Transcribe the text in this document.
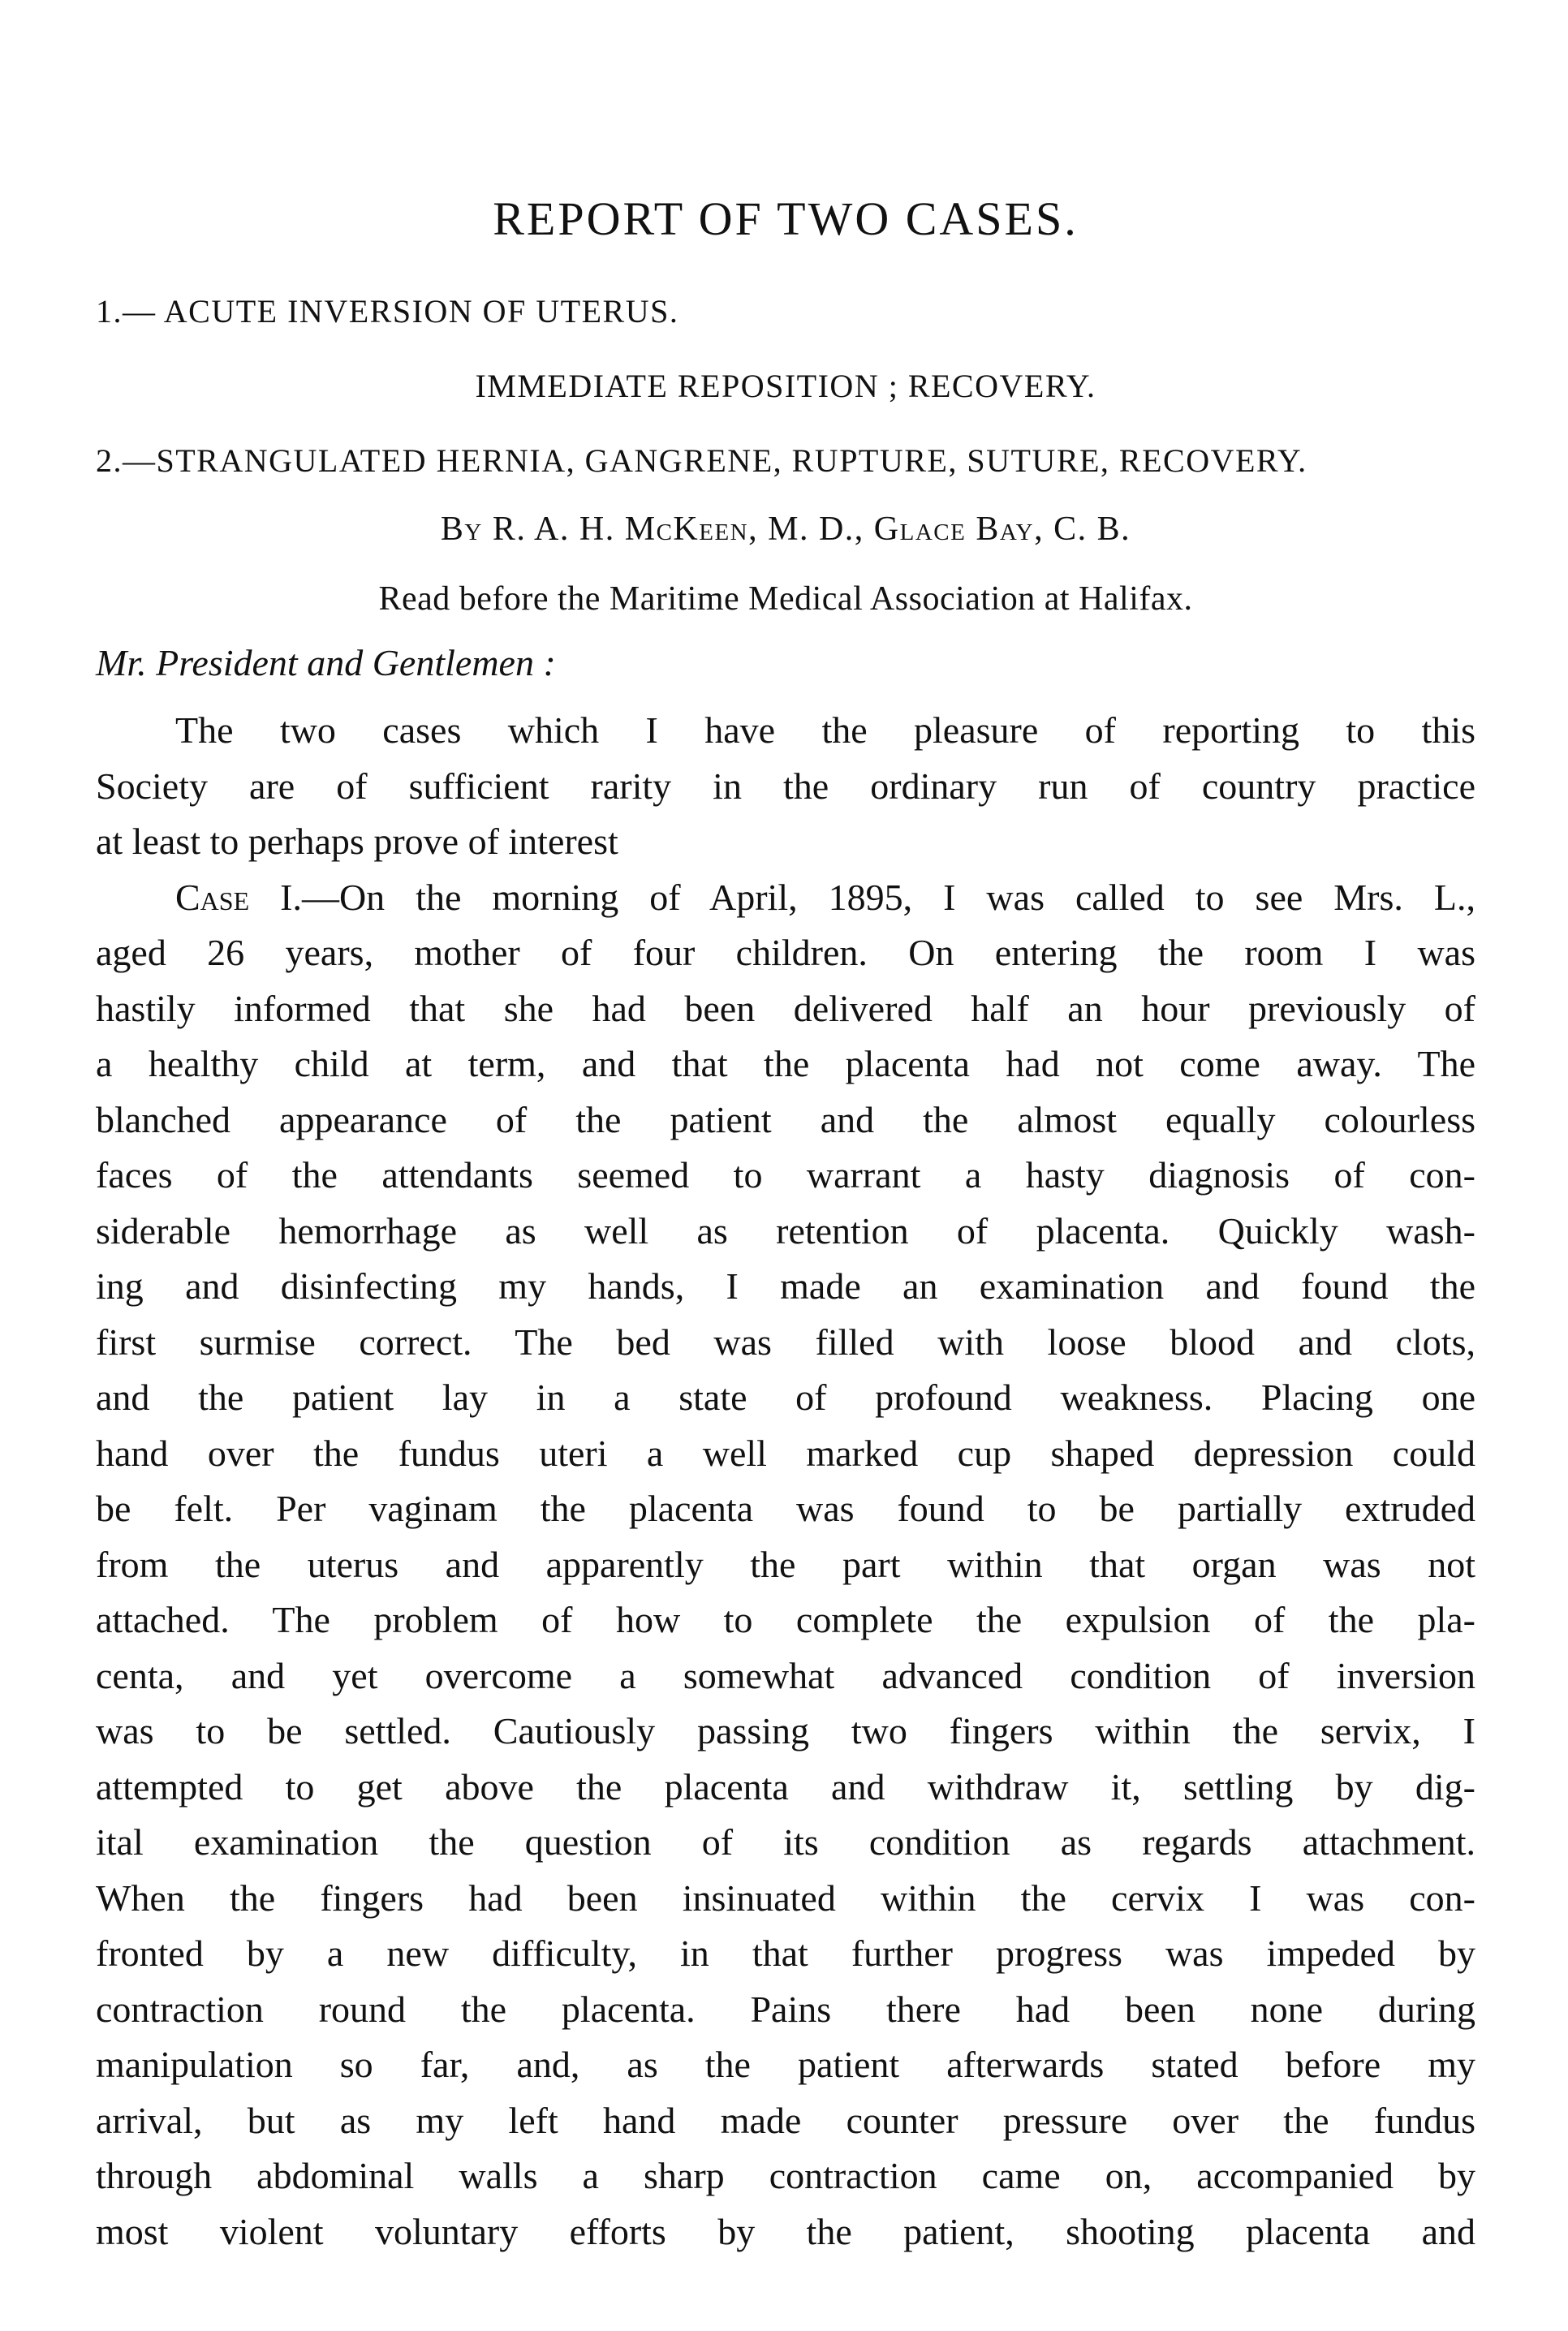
REPORT OF TWO CASES.
1.— ACUTE INVERSION OF UTERUS.
IMMEDIATE REPOSITION ; RECOVERY.
2.—STRANGULATED HERNIA, GANGRENE, RUPTURE, SUTURE, RECOVERY.
By R. A. H. McKeen, M. D., Glace Bay, C. B.
Read before the Maritime Medical Association at Halifax.
Mr. President and Gentlemen :
The two cases which I have the pleasure of reporting to this
Society are of sufficient rarity in the ordinary run of country practice
at least to perhaps prove of interest
Case I.—On the morning of April, 1895, I was called to see Mrs. L.,
aged 26 years, mother of four children. On entering the room I was
hastily informed that she had been delivered half an hour previously of
a healthy child at term, and that the placenta had not come away. The
blanched appearance of the patient and the almost equally colourless
faces of the attendants seemed to warrant a hasty diagnosis of con-
siderable hemorrhage as well as retention of placenta. Quickly wash-
ing and disinfecting my hands, I made an examination and found the
first surmise correct. The bed was filled with loose blood and clots,
and the patient lay in a state of profound weakness. Placing one
hand over the fundus uteri a well marked cup shaped depression could
be felt. Per vaginam the placenta was found to be partially extruded
from the uterus and apparently the part within that organ was not
attached. The problem of how to complete the expulsion of the pla-
centa, and yet overcome a somewhat advanced condition of inversion
was to be settled. Cautiously passing two fingers within the servix, I
attempted to get above the placenta and withdraw it, settling by dig-
ital examination the question of its condition as regards attachment.
When the fingers had been insinuated within the cervix I was con-
fronted by a new difficulty, in that further progress was impeded by
contraction round the placenta. Pains there had been none during
manipulation so far, and, as the patient afterwards stated before my
arrival, but as my left hand made counter pressure over the fundus
through abdominal walls a sharp contraction came on, accompanied by
most violent voluntary efforts by the patient, shooting placenta and
